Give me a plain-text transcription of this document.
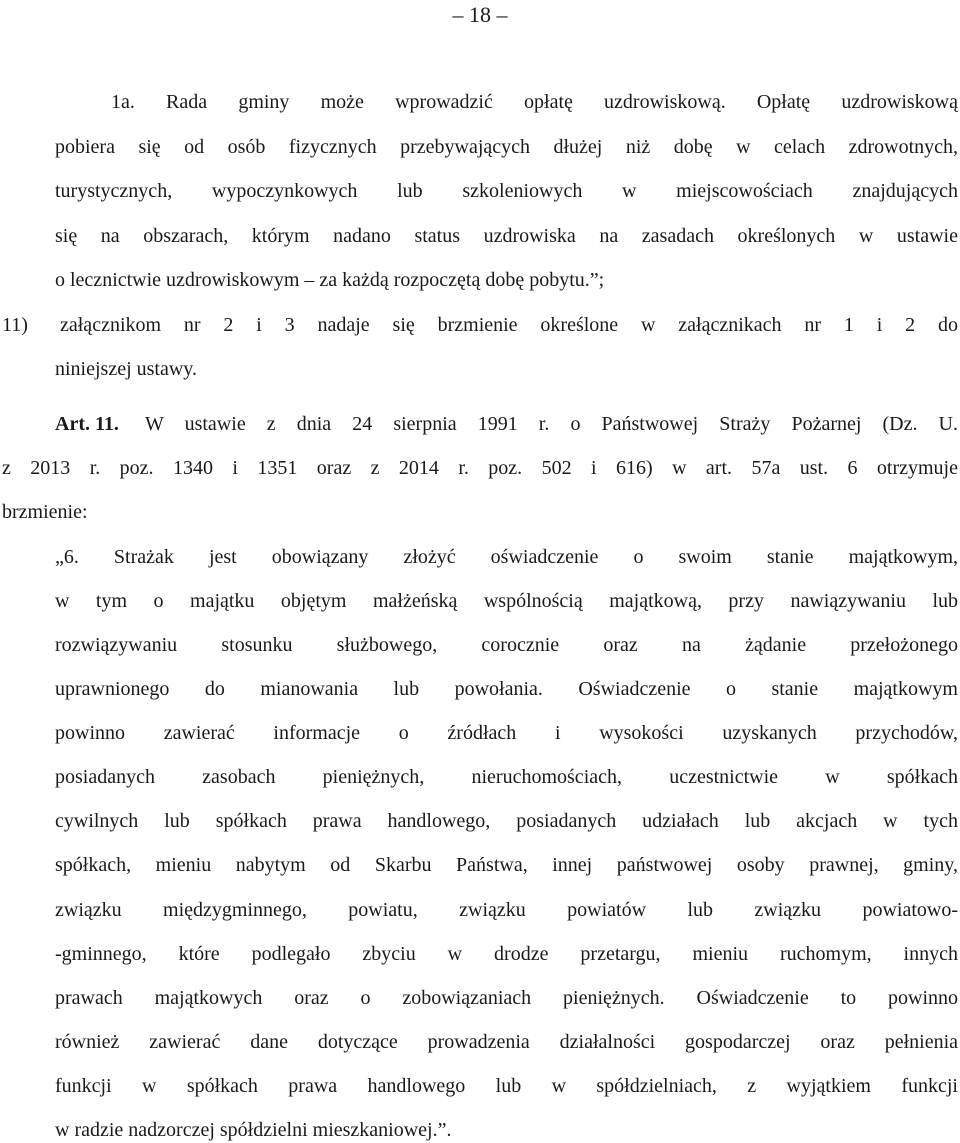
– 18 –
1a. Rada gminy może wprowadzić opłatę uzdrowiskową. Opłatę uzdrowiskową
pobiera się od osób fizycznych przebywających dłużej niż dobę w celach zdrowotnych,
turystycznych, wypoczynkowych lub szkoleniowych w miejscowościach znajdujących
się na obszarach, którym nadano status uzdrowiska na zasadach określonych w ustawie
o lecznictwie uzdrowiskowym – za każdą rozpoczętą dobę pobytu.”;
11)	załącznikom nr 2 i 3 nadaje się brzmienie określone w załącznikach nr 1 i 2 do
niniejszej ustawy.
Art. 11.	W ustawie z dnia 24 sierpnia 1991 r. o Państwowej Straży Pożarnej (Dz. U.
z 2013 r. poz. 1340 i 1351 oraz z 2014 r. poz. 502 i 616) w art. 57a ust. 6 otrzymuje
brzmienie:
„6. Strażak jest obowiązany złożyć oświadczenie o swoim stanie majątkowym,
w tym o majątku objętym małżeńską wspólnością majątkową, przy nawiązywaniu lub
rozwiązywaniu stosunku służbowego, corocznie oraz na żądanie przełożonego
uprawnionego do mianowania lub powołania. Oświadczenie o stanie majątkowym
powinno zawierać informacje o źródłach i wysokości uzyskanych przychodów,
posiadanych zasobach pieniężnych, nieruchomościach, uczestnictwie w spółkach
cywilnych lub spółkach prawa handlowego, posiadanych udziałach lub akcjach w tych
spółkach, mieniu nabytym od Skarbu Państwa, innej państwowej osoby prawnej, gminy,
związku międzygminnego, powiatu, związku powiatów lub związku powiatowo-
-gminnego, które podlegało zbyciu w drodze przetargu, mieniu ruchomym, innych
prawach majątkowych oraz o zobowiązaniach pieniężnych. Oświadczenie to powinno
również zawierać dane dotyczące prowadzenia działalności gospodarczej oraz pełnienia
funkcji w spółkach prawa handlowego lub w spółdzielniach, z wyjątkiem funkcji
w radzie nadzorczej spółdzielni mieszkaniowej.”.
